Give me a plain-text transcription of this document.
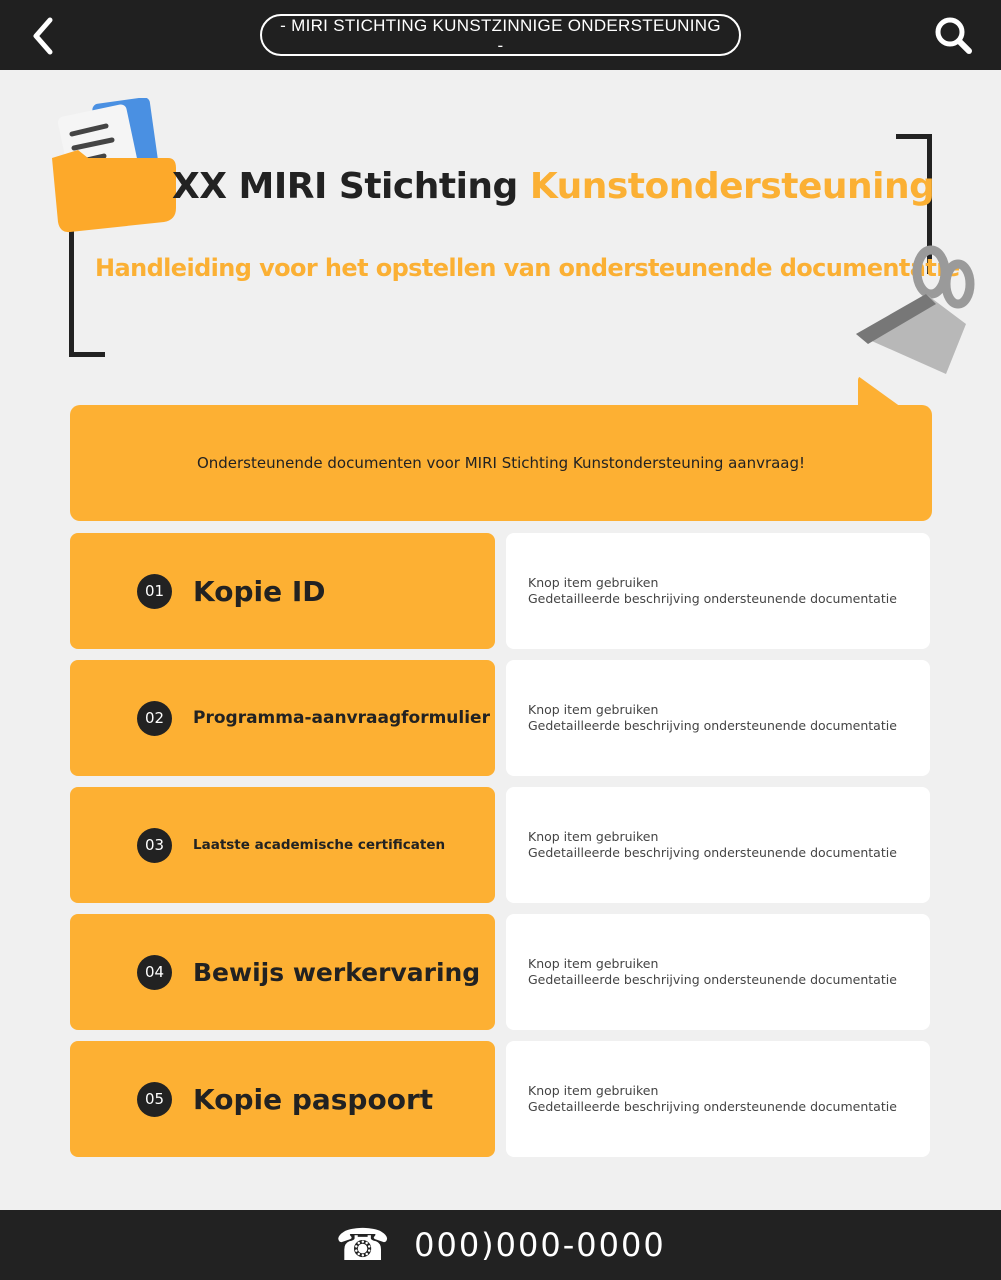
- MIRI STICHTING KUNSTZINNIGE ONDERSTEUNING -
XX MIRI Stichting Kunstondersteuning
Handleiding voor het opstellen van ondersteunende documentatie
Ondersteunende documenten voor MIRI Stichting Kunstondersteuning aanvraag!
01 Kopie ID	Knop item gebruiken
Gedetailleerde beschrijving ondersteunende documentatie
02	Programma-aanvraagformulier	Knop item gebruiken
Gedetailleerde beschrijving ondersteunende documentatie
03	Laatste academische certificaten
Knop item gebruiken
Gedetailleerde beschrijving ondersteunende documentatie
04	Bewijs werkervaring	Knop item gebruiken
Gedetailleerde beschrijving ondersteunende documentatie
05 Kopie paspoort	Knop item gebruiken
Gedetailleerde beschrijving ondersteunende documentatie
☎ 000)000-0000
